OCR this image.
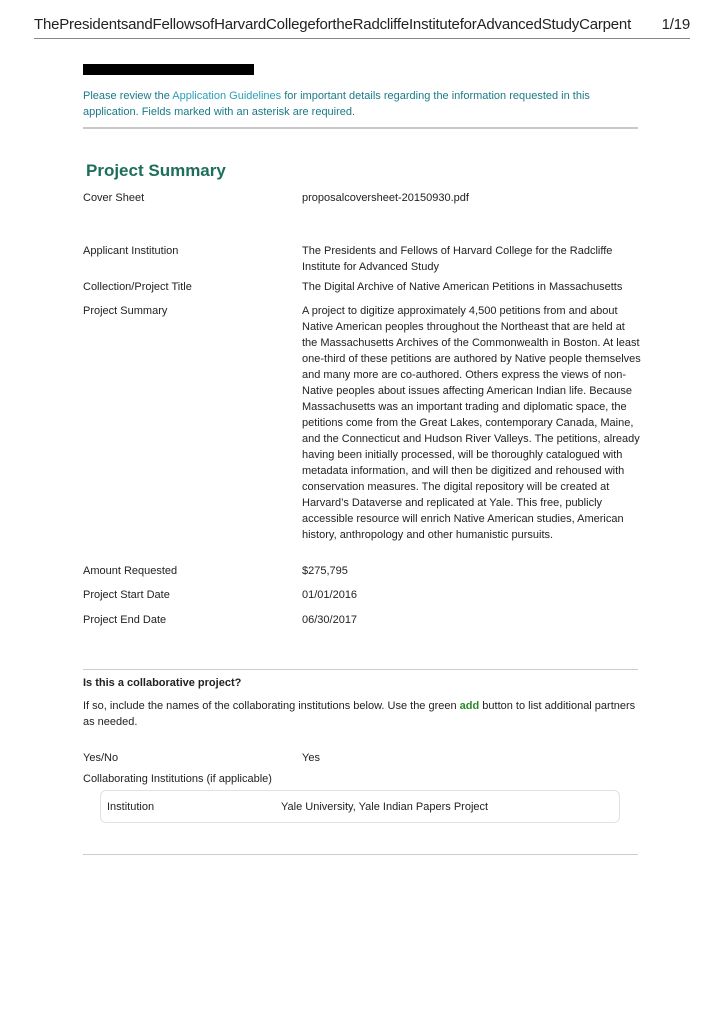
ThePresidentsandFellowsofHarvardCollegefortheRadcliffeInstituteforAdvancedStudyCarpent 1/19
Please review the Application Guidelines for important details regarding the information requested in this application. Fields marked with an asterisk are required.
Project Summary
Cover Sheet	proposalcoversheet-20150930.pdf
Applicant Institution	The Presidents and Fellows of Harvard College for the Radcliffe Institute for Advanced Study
Collection/Project Title	The Digital Archive of Native American Petitions in Massachusetts
Project Summary	A project to digitize approximately 4,500 petitions from and about Native American peoples throughout the Northeast that are held at the Massachusetts Archives of the Commonwealth in Boston. At least one-third of these petitions are authored by Native people themselves and many more are co-authored. Others express the views of non-Native peoples about issues affecting American Indian life. Because Massachusetts was an important trading and diplomatic space, the petitions come from the Great Lakes, contemporary Canada, Maine, and the Connecticut and Hudson River Valleys. The petitions, already having been initially processed, will be thoroughly catalogued with metadata information, and will then be digitized and rehoused with conservation measures. The digital repository will be created at Harvard’s Dataverse and replicated at Yale. This free, publicly accessible resource will enrich Native American studies, American history, anthropology and other humanistic pursuits.
Amount Requested	$275,795
Project Start Date	01/01/2016
Project End Date	06/30/2017
Is this a collaborative project?
If so, include the names of the collaborating institutions below. Use the green add button to list additional partners as needed.
Yes/No	Yes
Collaborating Institutions (if applicable)
Institution	Yale University, Yale Indian Papers Project
